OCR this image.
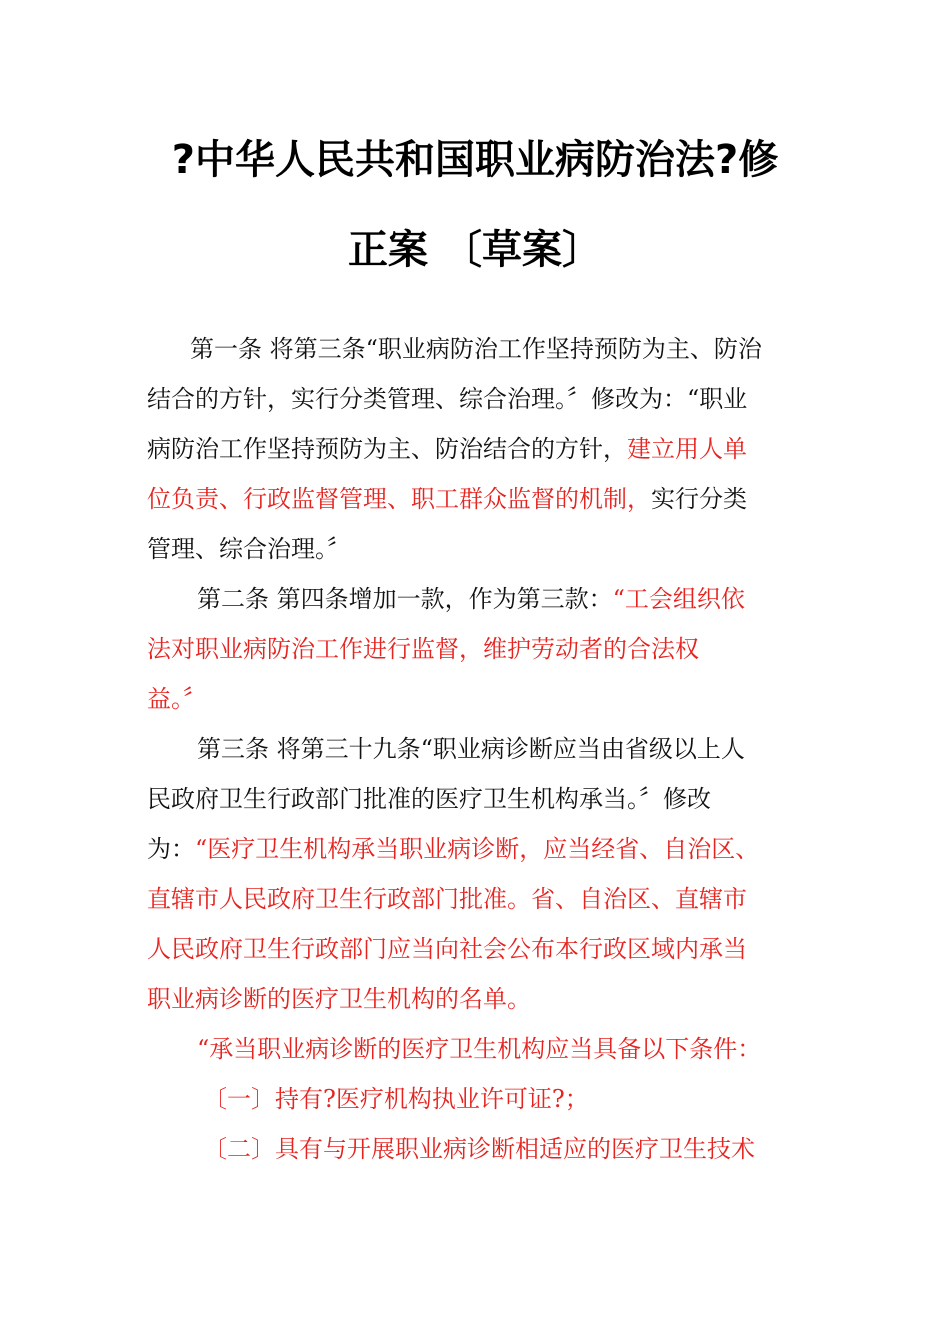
?中华人民共和国职业病防治法?修
正案 〔草案〕
第一条 将第三条“职业病防治工作坚持预防为主、防治
结合的方针，实行分类管理、综合治理。〞修改为：“职业
病防治工作坚持预防为主、防治结合的方针，建立用人单
位负责、行政监督管理、职工群众监督的机制，实行分类
管理、综合治理。〞
第二条 第四条增加一款，作为第三款：“工会组织依
法对职业病防治工作进行监督，维护劳动者的合法权
益。〞
第三条 将第三十九条“职业病诊断应当由省级以上人
民政府卫生行政部门批准的医疗卫生机构承当。〞修改
为：“医疗卫生机构承当职业病诊断，应当经省、自治区、
直辖市人民政府卫生行政部门批准。省、自治区、直辖市
人民政府卫生行政部门应当向社会公布本行政区域内承当
职业病诊断的医疗卫生机构的名单。
“承当职业病诊断的医疗卫生机构应当具备以下条件：
〔一〕持有?医疗机构执业许可证?；
〔二〕具有与开展职业病诊断相适应的医疗卫生技术
